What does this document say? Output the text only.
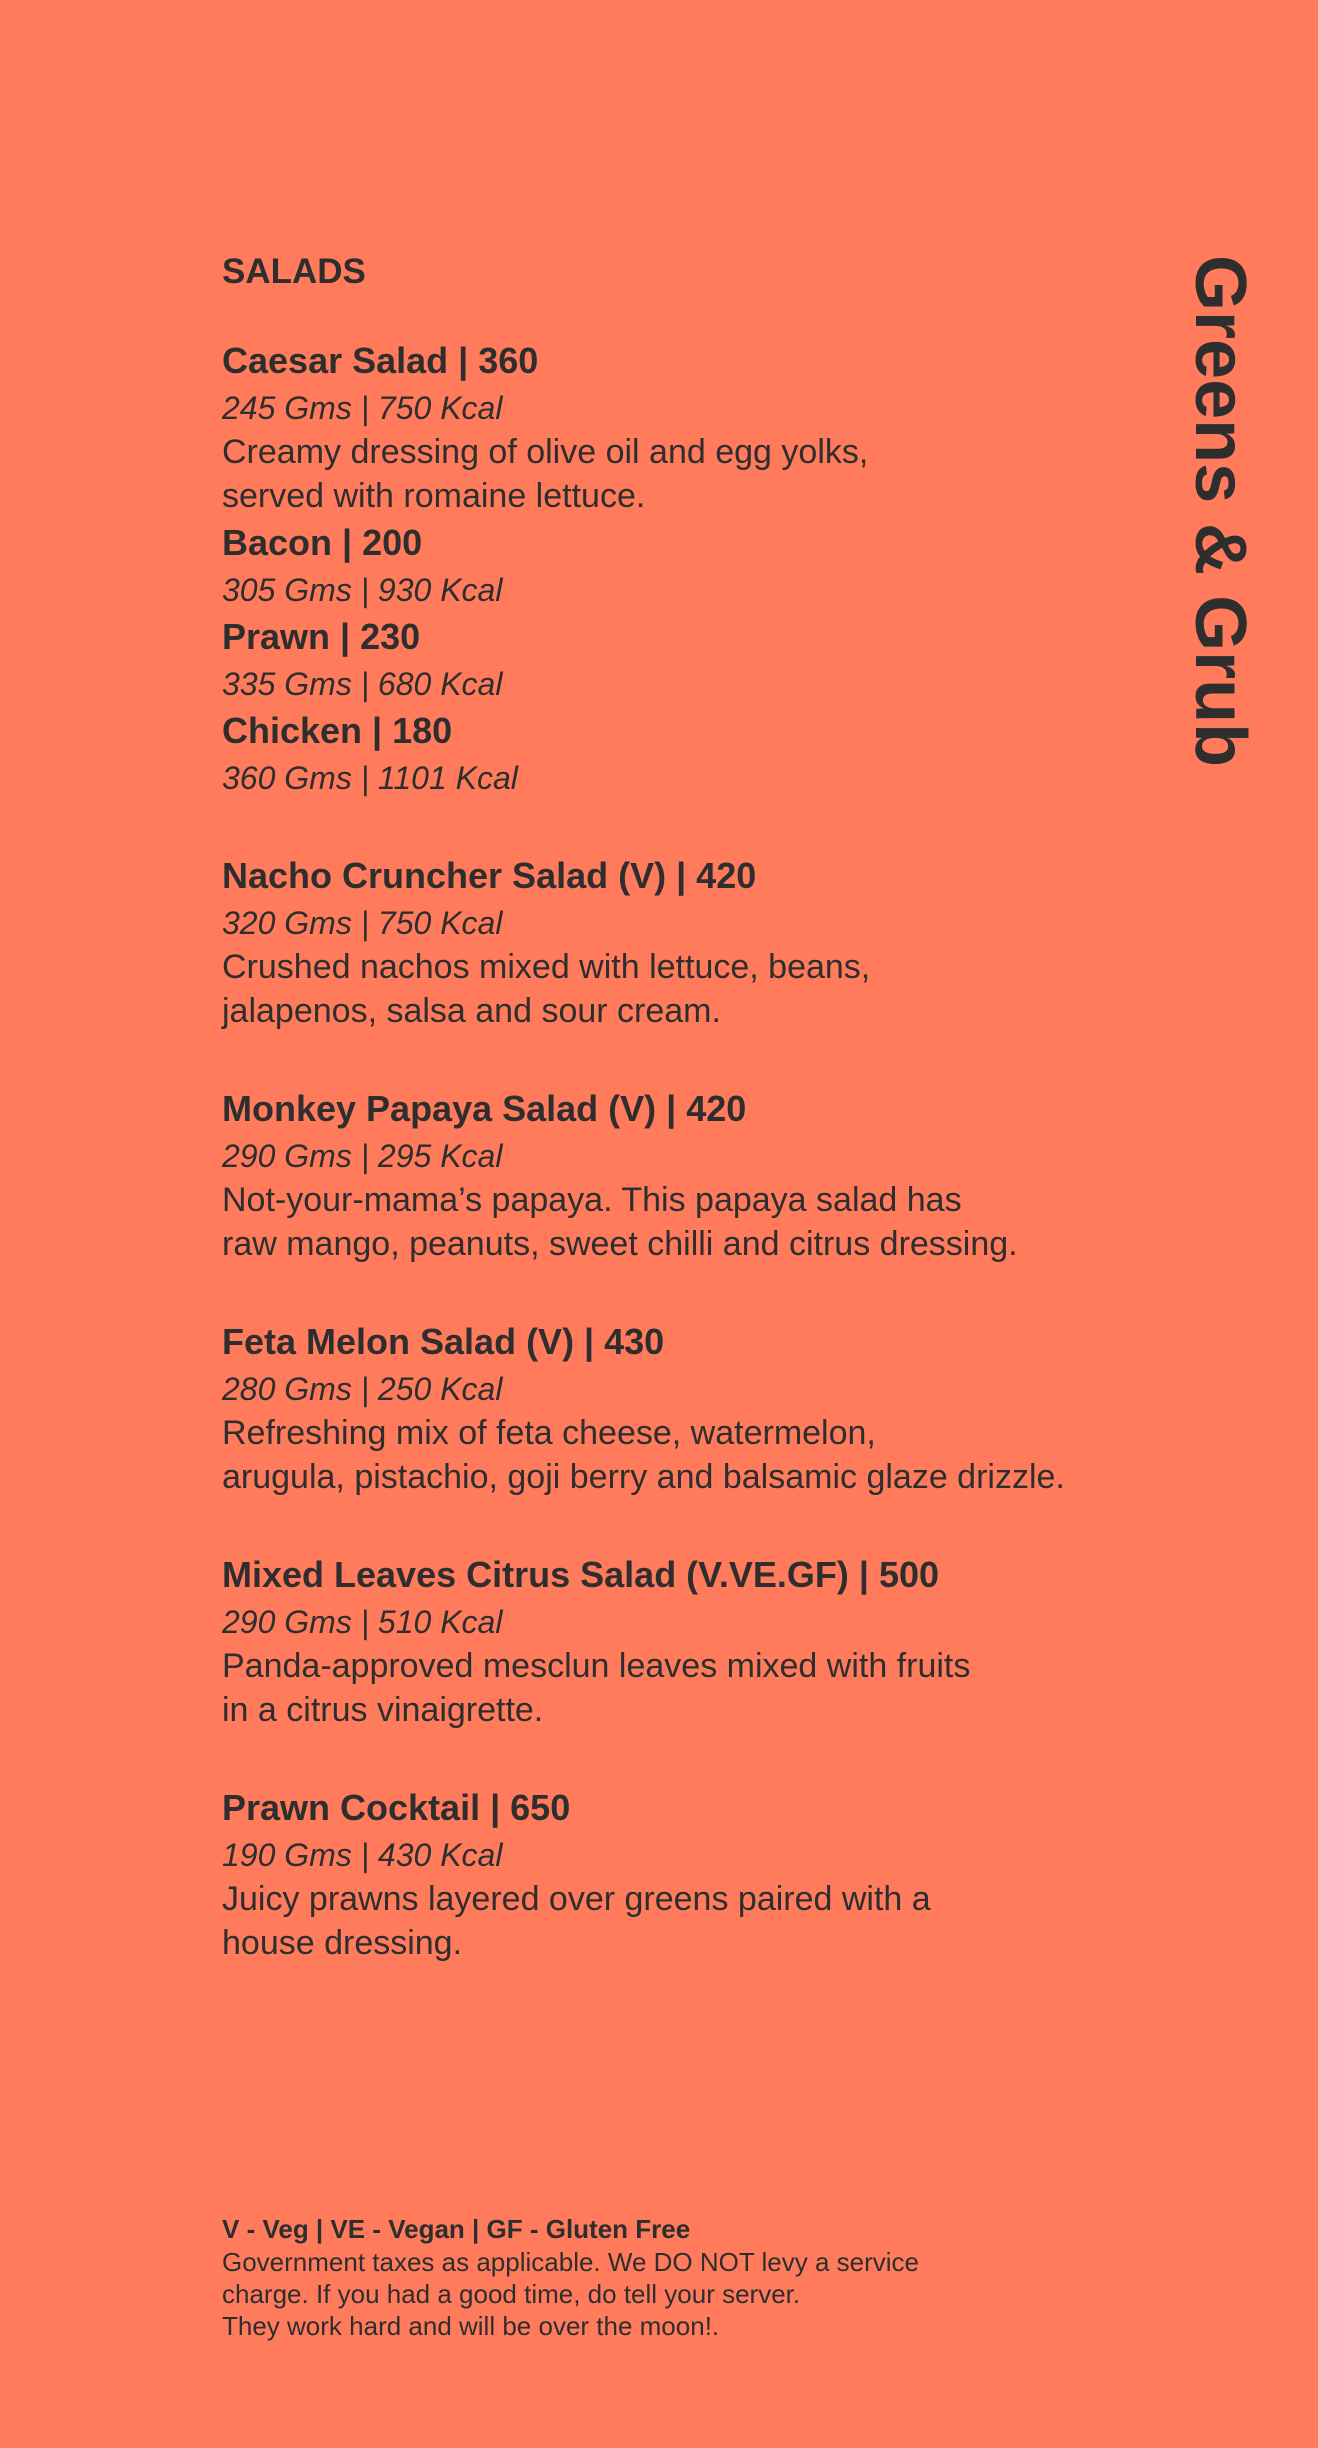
Greens & Grub
SALADS

Caesar Salad | 360

245 Gms | 750 Kcal

Creamy dressing of olive oil and egg yolks,
served with romaine lettuce.

Bacon | 200

305 Gms | 930 Kcal

Prawn | 230

335 Gms | 680 Kcal

Chicken | 180

360 Gms | 1101 Kcal

Nacho Cruncher Salad (V) | 420

320 Gms | 750 Kcal

Crushed nachos mixed with lettuce, beans,
jalapenos, salsa and sour cream.

Monkey Papaya Salad (V) | 420

290 Gms | 295 Kcal

Not-your-mama’s papaya. This papaya salad has
raw mango, peanuts, sweet chilli and citrus dressing.

Feta Melon Salad (V) | 430

280 Gms | 250 Kcal

Refreshing mix of feta cheese, watermelon,
arugula, pistachio, goji berry and balsamic glaze drizzle.

Mixed Leaves Citrus Salad (V.VE.GF) | 500

290 Gms | 510 Kcal

Panda-approved mesclun leaves mixed with fruits
in a citrus vinaigrette.

Prawn Cocktail | 650

190 Gms | 430 Kcal

Juicy prawns layered over greens paired with a
house dressing.

V - Veg | VE - Vegan | GF - Gluten Free

Government taxes as applicable. We DO NOT levy a service
charge. If you had a good time, do tell your server.
They work hard and will be over the moon!.
